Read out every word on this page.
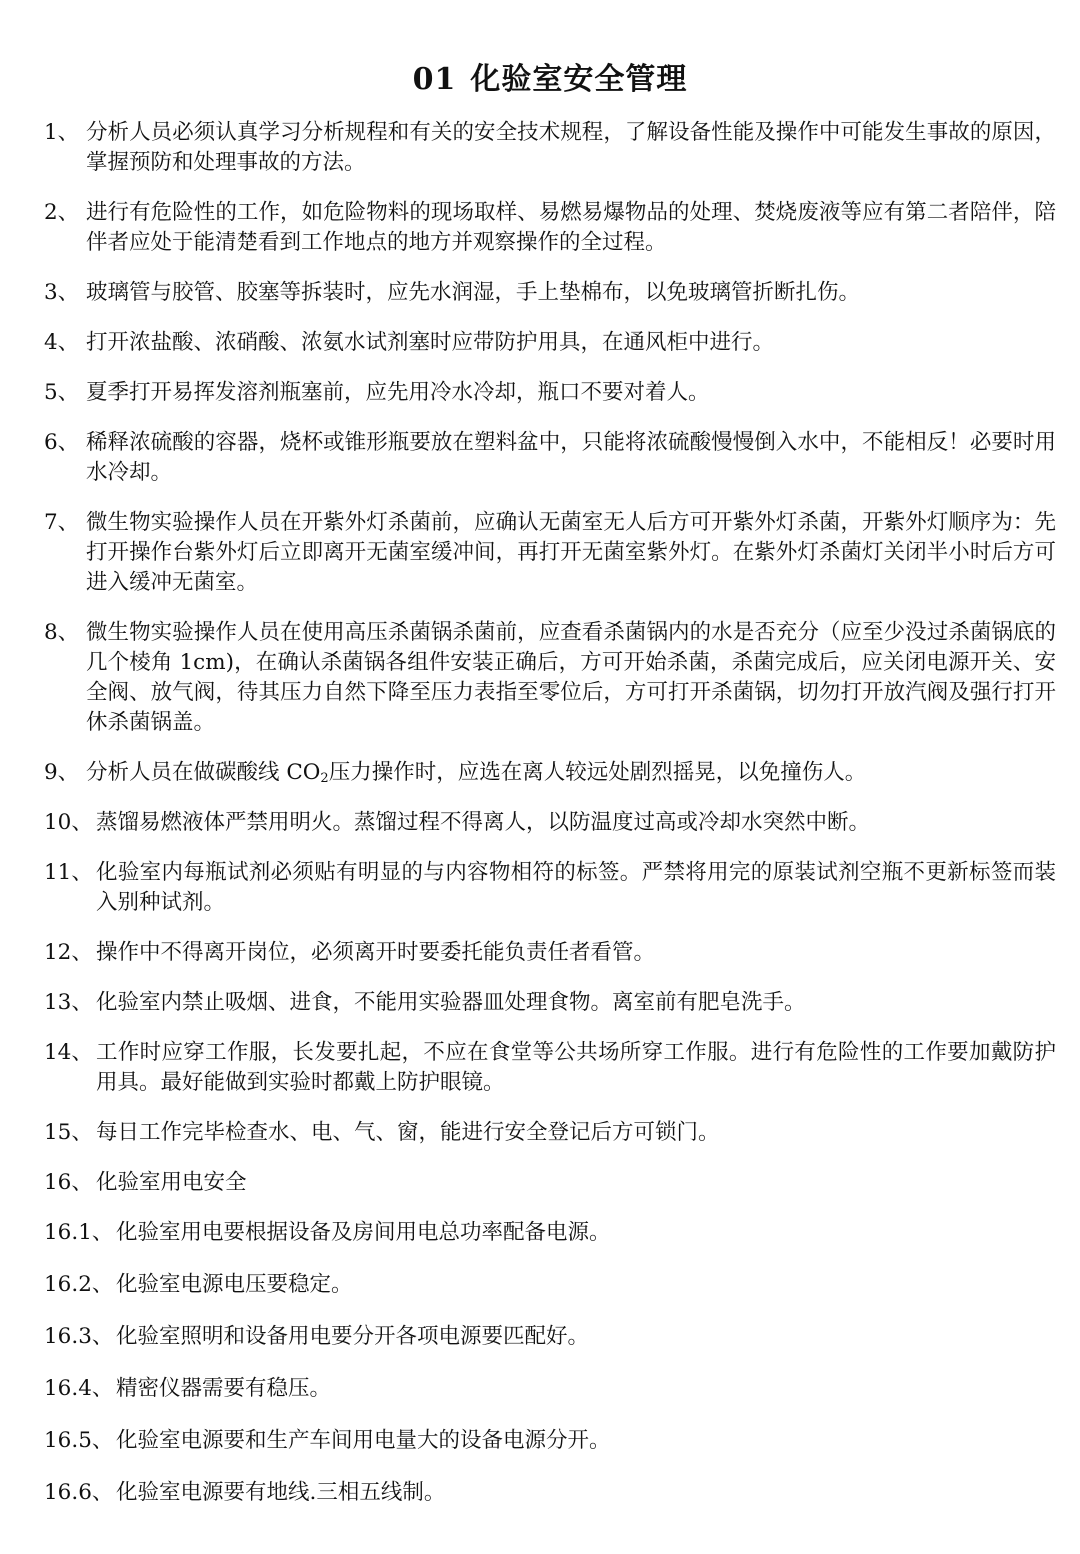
01 化验室安全管理
1、 分析人员必须认真学习分析规程和有关的安全技术规程，了解设备性能及操作中可能发生事故的原因，掌握预防和处理事故的方法。
2、 进行有危险性的工作，如危险物料的现场取样、易燃易爆物品的处理、焚烧废液等应有第二者陪伴，陪伴者应处于能清楚看到工作地点的地方并观察操作的全过程。
3、 玻璃管与胶管、胶塞等拆装时，应先水润湿，手上垫棉布，以免玻璃管折断扎伤。
4、 打开浓盐酸、浓硝酸、浓氨水试剂塞时应带防护用具，在通风柜中进行。
5、 夏季打开易挥发溶剂瓶塞前，应先用冷水冷却，瓶口不要对着人。
6、 稀释浓硫酸的容器，烧杯或锥形瓶要放在塑料盆中，只能将浓硫酸慢慢倒入水中，不能相反！必要时用水冷却。
7、 微生物实验操作人员在开紫外灯杀菌前，应确认无菌室无人后方可开紫外灯杀菌，开紫外灯顺序为：先打开操作台紫外灯后立即离开无菌室缓冲间，再打开无菌室紫外灯。在紫外灯杀菌灯关闭半小时后方可进入缓冲无菌室。
8、 微生物实验操作人员在使用高压杀菌锅杀菌前，应查看杀菌锅内的水是否充分（应至少没过杀菌锅底的几个棱角 1cm)，在确认杀菌锅各组件安装正确后，方可开始杀菌，杀菌完成后，应关闭电源开关、安全阀、放气阀，待其压力自然下降至压力表指至零位后，方可打开杀菌锅，切勿打开放汽阀及强行打开休杀菌锅盖。
9、 分析人员在做碳酸线 $CO_2$压力操作时，应选在离人较远处剧烈摇晃，以免撞伤人。
10、 蒸馏易燃液体严禁用明火。蒸馏过程不得离人，以防温度过高或冷却水突然中断。
11、 化验室内每瓶试剂必须贴有明显的与内容物相符的标签。严禁将用完的原装试剂空瓶不更新标签而装入别种试剂。
12、 操作中不得离开岗位，必须离开时要委托能负责任者看管。
13、 化验室内禁止吸烟、进食，不能用实验器皿处理食物。离室前有肥皂洗手。
14、 工作时应穿工作服，长发要扎起，不应在食堂等公共场所穿工作服。进行有危险性的工作要加戴防护用具。最好能做到实验时都戴上防护眼镜。
15、 每日工作完毕检查水、电、气、窗，能进行安全登记后方可锁门。
16、 化验室用电安全
16.1、 化验室用电要根据设备及房间用电总功率配备电源。
16.2、 化验室电源电压要稳定。
16.3、 化验室照明和设备用电要分开各项电源要匹配好。
16.4、 精密仪器需要有稳压。
16.5、 化验室电源要和生产车间用电量大的设备电源分开。
16.6、 化验室电源要有地线.三相五线制。
